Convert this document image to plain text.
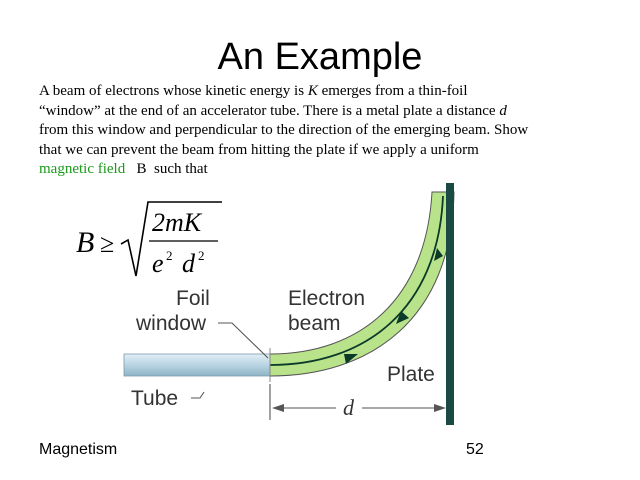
An Example
A beam of electrons whose kinetic energy is K emerges from a thin-foil
“window” at the end of an accelerator tube. There is a metal plate a distance d
from this window and perpendicular to the direction of the emerging beam. Show
that we can prevent the beam from hitting the plate if we apply a uniform
magnetic field B such that
B ≥
2mK
e 2 d 2
Foil
window
Electron
beam
Plate
Tube	d
Magnetism	52
